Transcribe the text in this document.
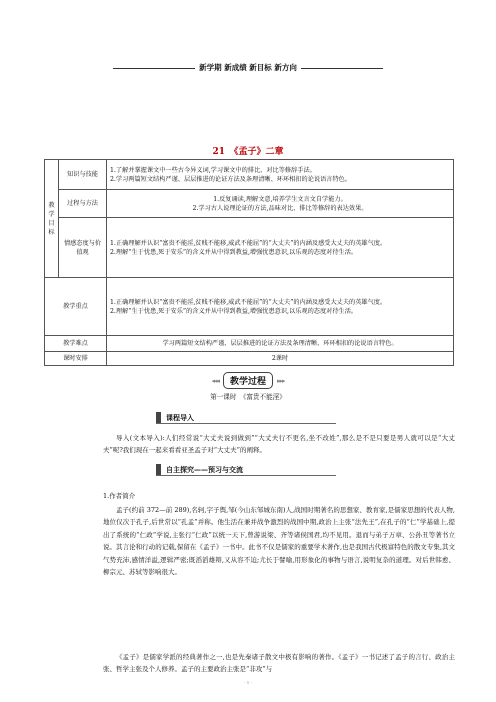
新学期 新成绩 新目标 新方向
21　《孟子》二章
教学目标	知识与技能	1.了解并掌握课文中一些古今异义词,学习课文中的排比、对比等修辞手法。
2.学习两篇短文结构严谨、层层推进的论证方法及条理清晰、环环相扣的论说语言特色。

	过程与方法	1.反复诵读,理解文意,培养学生文言文自学能力。
2.学习古人说理论证的方法,品味对比、排比等修辞的表达效果。

	情感态度与价值观	1.正确理解并认识“富贵不能淫,贫贱不能移,威武不能屈”的“大丈夫”的内涵及感受大丈夫的英雄气度。
2.理解“生于忧患,死于安乐”的含义并从中得到教益,增强忧患意识,以乐观的态度对待生活。

教学重点		1.正确理解并认识“富贵不能淫,贫贱不能移,威武不能屈”的“大丈夫”的内涵及感受大丈夫的英雄气度。
2.理解“生于忧患,死于安乐”的含义并从中得到教益,增强忧患意识,以乐观的态度对待生活。

教学难点		学习两篇短文结构严谨、层层推进的论证方法及条理清晰、环环相扣的论说语言特色。
课时安排		2课时
◂◂◂ 教学过程 ▸▸▸
第一课时　《富贵不能淫》
课程导入
导入(文本导入):人们经常说“大丈夫说到做到”“大丈夫行不更名,坐不改姓”,那么是不是只要是男人就可以是“大丈夫”呢?我们现在一起来看看亚圣孟子对“大丈夫”的阐释。
自主探究——预习与交流
1.作者简介
孟子(约前 372—前 289),名轲,字子舆,邹(今山东邹城东南)人,战国时期著名的思想家、教育家,是儒家思想的代表人物,地位仅次于孔子,后世常以“孔孟”并称。他生活在兼并战争激烈的战国中期,政治上主张“法先王”,在孔子的“仁”学基础上,提出了系统的“仁政”学说,主张行“仁政”以统一天下,曾游说梁、齐等诸侯国君,均不见用。退而与弟子万章、公孙丑等著书立说。其言论和行动的记载,保留在《孟子》一书中。此书不仅是儒家的重要学术著作,也是我国古代极富特色的散文专集,其文气势充沛,感情洋溢,逻辑严密;既滔滔雄辩,又从容不迫;尤长于譬喻,用形象化的事物与语言,说明复杂的道理。对后世韩愈、柳宗元、苏轼等影响很大。
《孟子》是儒家学派的经典著作之一,也是先秦诸子散文中极有影响的著作。《孟子》一书记述了孟子的言行、政治主张、哲学主张及个人修养。孟子的主要政治主张是“非攻”与
- 1 -
